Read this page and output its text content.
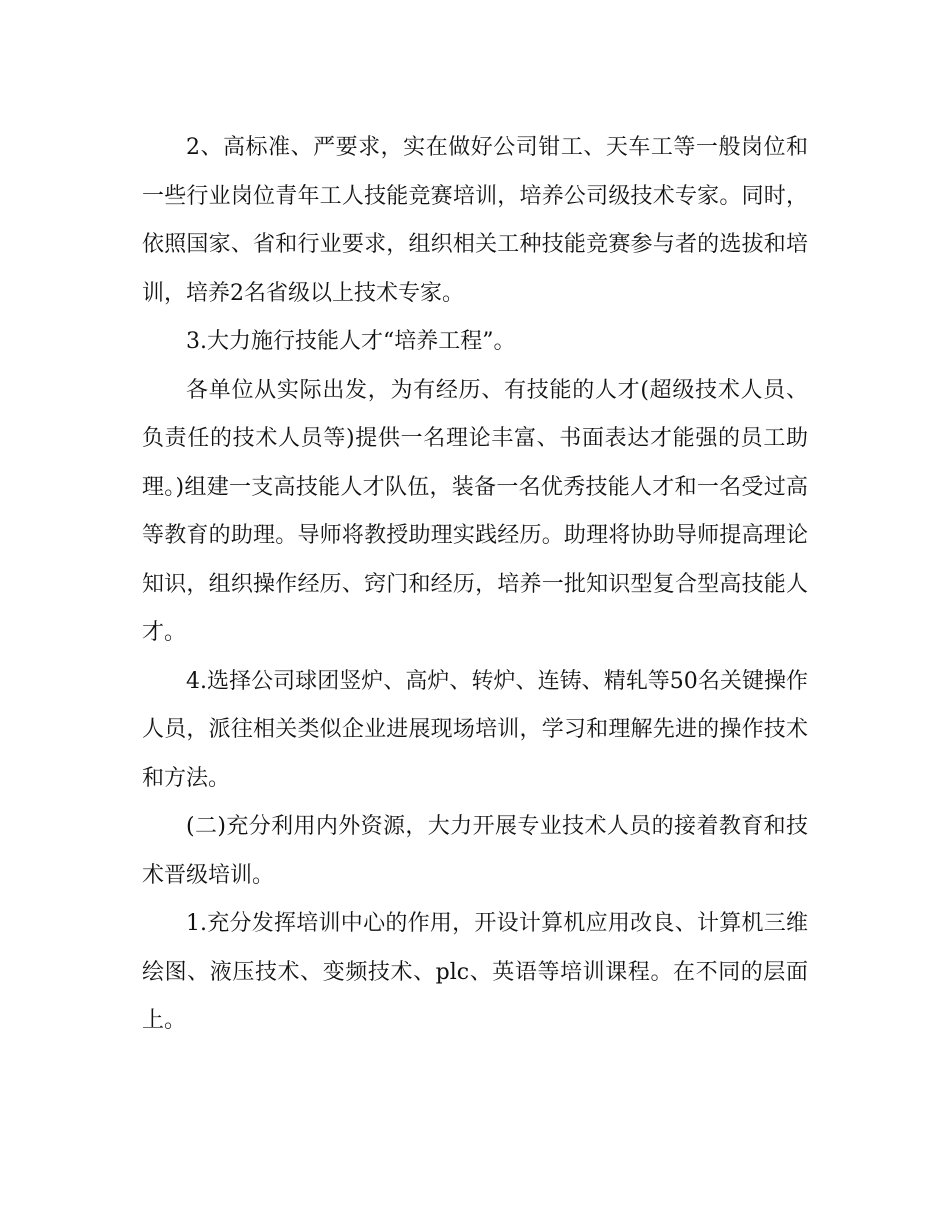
2、高标准、严要求，实在做好公司钳工、天车工等一般岗位和一些行业岗位青年工人技能竞赛培训，培养公司级技术专家。同时，依照国家、省和行业要求，组织相关工种技能竞赛参与者的选拔和培训，培养2名省级以上技术专家。

3.大力施行技能人才“培养工程”。

各单位从实际出发，为有经历、有技能的人才(超级技术人员、负责任的技术人员等)提供一名理论丰富、书面表达才能强的员工助理。)组建一支高技能人才队伍，装备一名优秀技能人才和一名受过高等教育的助理。导师将教授助理实践经历。助理将协助导师提高理论知识，组织操作经历、窍门和经历，培养一批知识型复合型高技能人才。

4.选择公司球团竖炉、高炉、转炉、连铸、精轧等50名关键操作人员，派往相关类似企业进展现场培训，学习和理解先进的操作技术和方法。

(二)充分利用内外资源，大力开展专业技术人员的接着教育和技术晋级培训。

1.充分发挥培训中心的作用，开设计算机应用改良、计算机三维绘图、液压技术、变频技术、plc、英语等培训课程。在不同的层面上。
